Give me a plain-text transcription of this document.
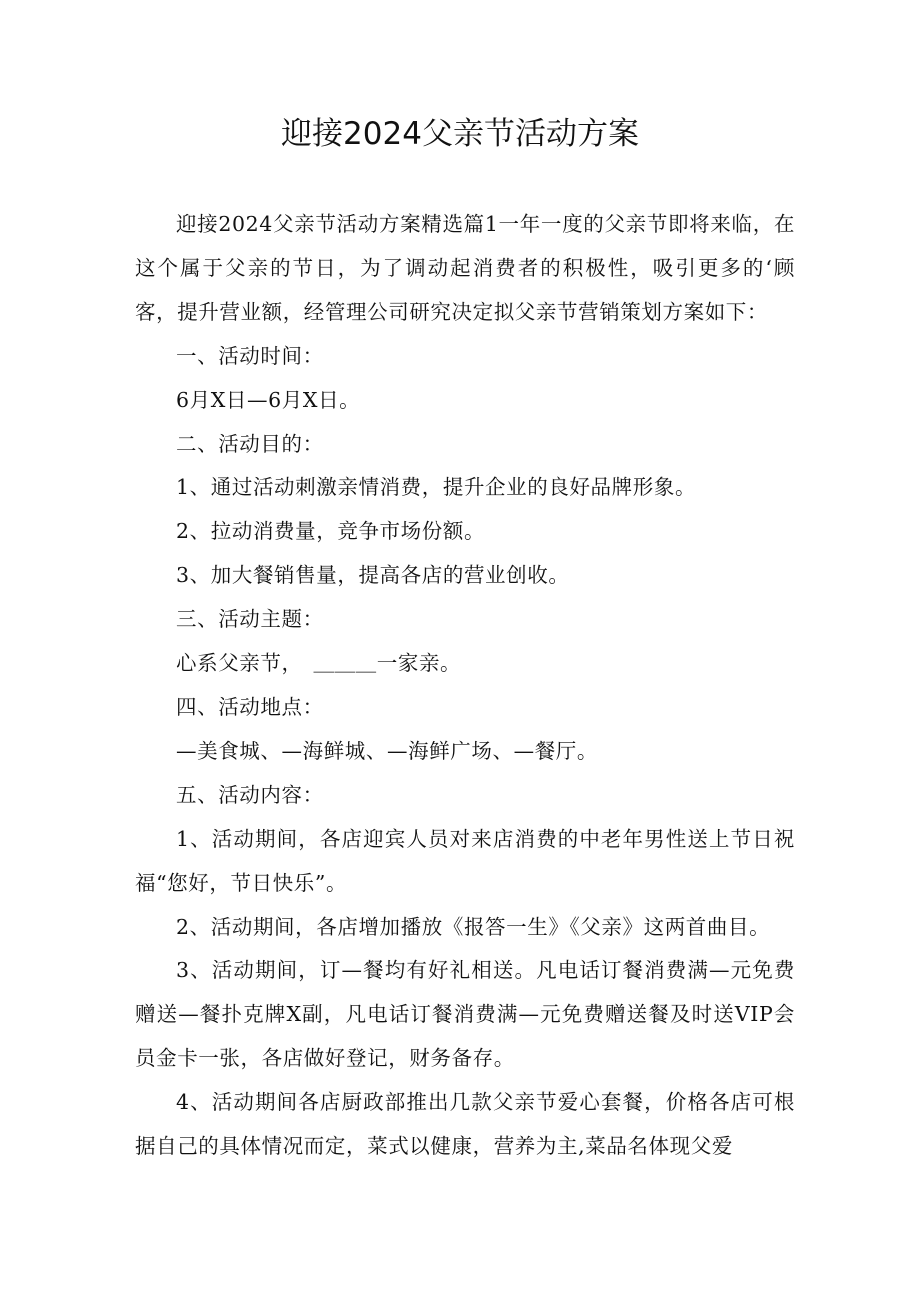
迎接2024父亲节活动方案

迎接2024父亲节活动方案精选篇1一年一度的父亲节即将来临，在这个属于父亲的节日，为了调动起消费者的积极性，吸引更多的‘顾客，提升营业额，经管理公司研究决定拟父亲节营销策划方案如下：

一、活动时间：

6月X日—6月X日。

二、活动目的：

1、通过活动刺激亲情消费，提升企业的良好品牌形象。

2、拉动消费量，竞争市场份额。

3、加大餐销售量，提高各店的营业创收。

三、活动主题：

心系父亲节，　＿＿＿一家亲。

四、活动地点：

—美食城、—海鲜城、—海鲜广场、—餐厅。

五、活动内容：

1、活动期间，各店迎宾人员对来店消费的中老年男性送上节日祝福“您好，节日快乐”。

2、活动期间，各店增加播放《报答一生》《父亲》这两首曲目。

3、活动期间，订—餐均有好礼相送。凡电话订餐消费满—元免费赠送—餐扑克牌X副，凡电话订餐消费满—元免费赠送餐及时送VIP会员金卡一张，各店做好登记，财务备存。

4、活动期间各店厨政部推出几款父亲节爱心套餐，价格各店可根据自己的具体情况而定，菜式以健康，营养为主,菜品名体现父爱
